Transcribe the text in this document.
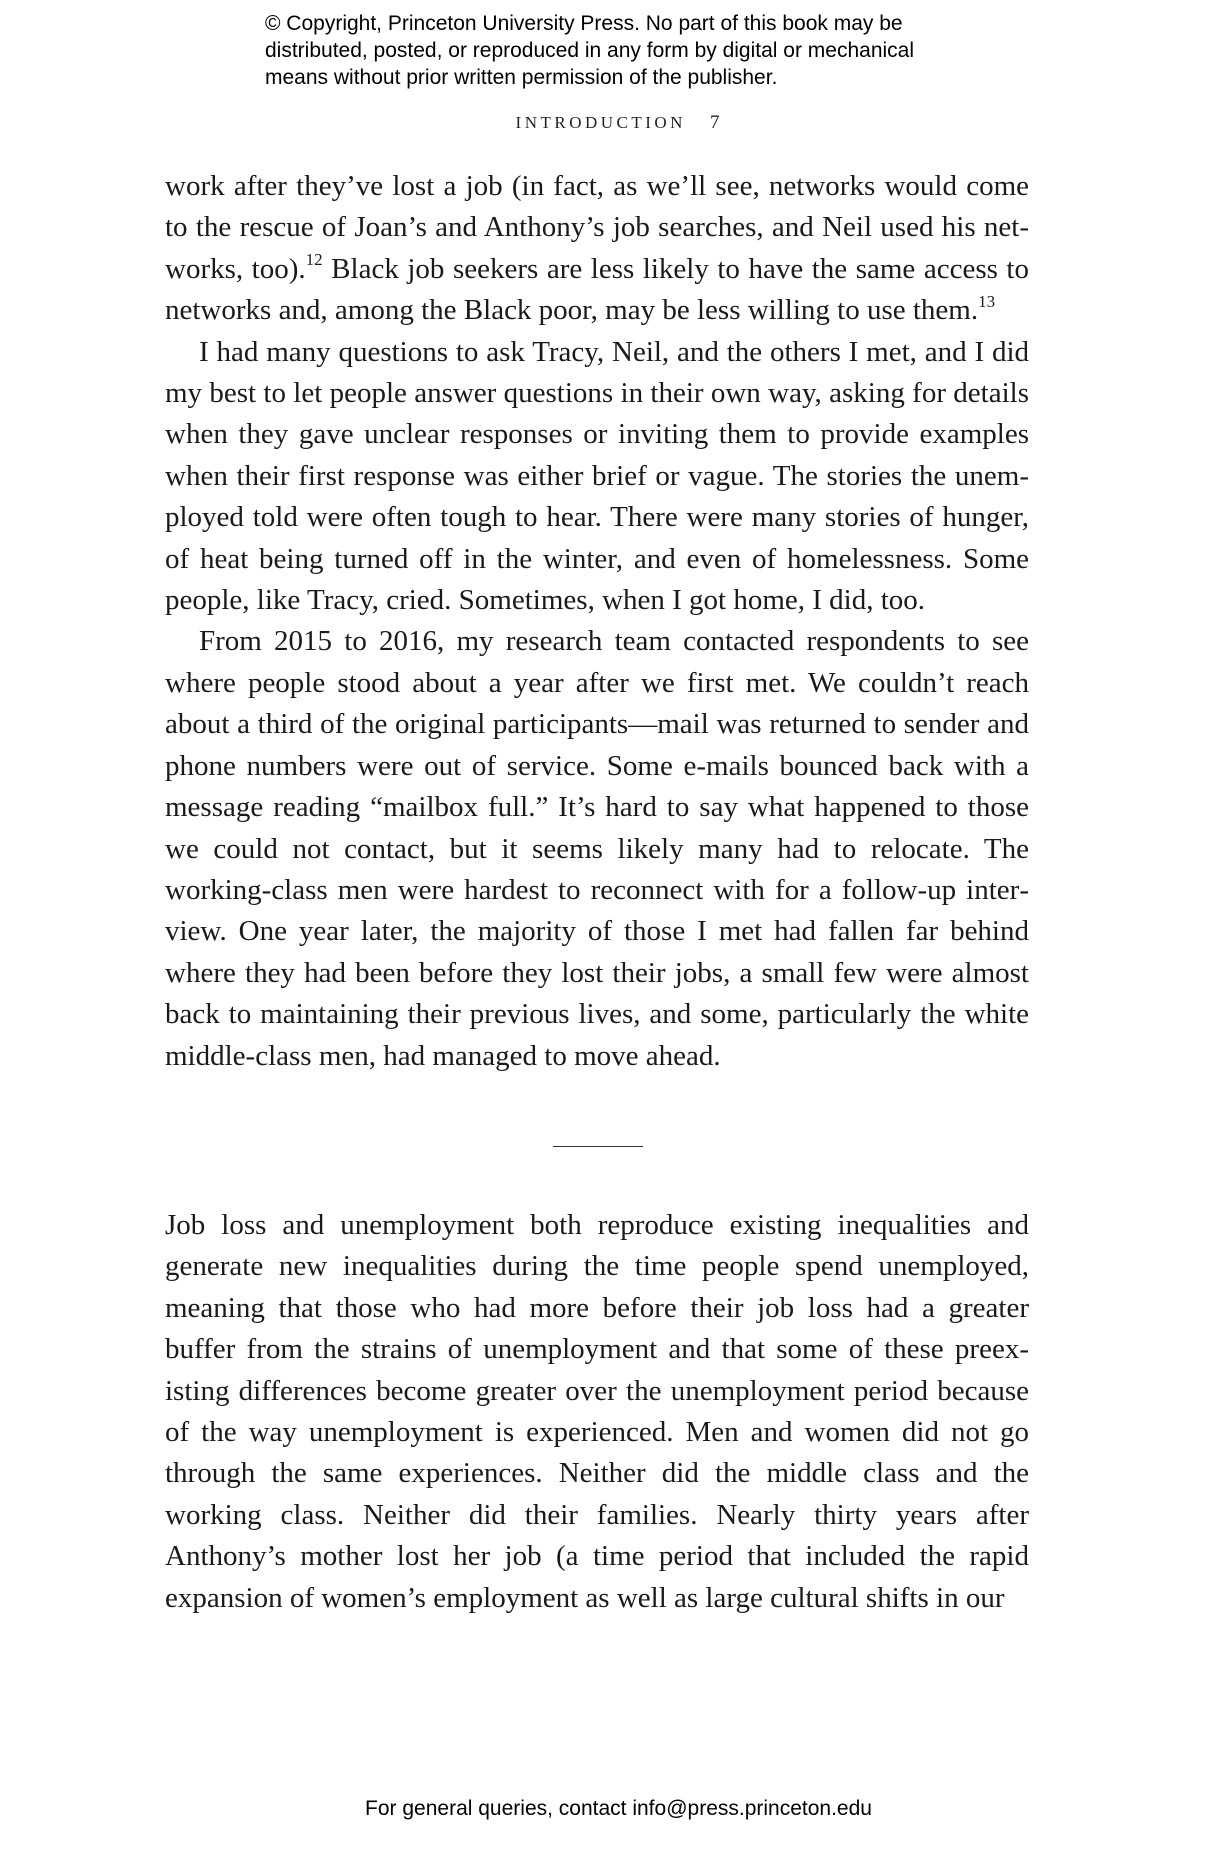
© Copyright, Princeton University Press. No part of this book may be
distributed, posted, or reproduced in any form by digital or mechanical
means without prior written permission of the publisher.
INTRODUCTION 7

work after they’ve lost a job (in fact, as we’ll see, networks would come to the rescue of Joan’s and Anthony’s job searches, and Neil used his networks, too).$^{12}$ Black job seekers are less likely to have the same access to networks and, among the Black poor, may be less willing to use them.$^{13}$

I had many questions to ask Tracy, Neil, and the others I met, and I did my best to let people answer questions in their own way, asking for details when they gave unclear responses or inviting them to provide examples when their first response was either brief or vague. The stories the unemployed told were often tough to hear. There were many stories of hunger, of heat being turned off in the winter, and even of homelessness. Some people, like Tracy, cried. Sometimes, when I got home, I did, too.

From 2015 to 2016, my research team contacted respondents to see where people stood about a year after we first met. We couldn’t reach about a third of the original participants—mail was returned to sender and phone numbers were out of service. Some e-mails bounced back with a message reading “mailbox full.” It’s hard to say what happened to those we could not contact, but it seems likely many had to relocate. The working-class men were hardest to reconnect with for a follow-up interview. One year later, the majority of those I met had fallen far behind where they had been before they lost their jobs, a small few were almost back to maintaining their previous lives, and some, particularly the white middle-class men, had managed to move ahead.

Job loss and unemployment both reproduce existing inequalities and generate new inequalities during the time people spend unemployed, meaning that those who had more before their job loss had a greater buffer from the strains of unemployment and that some of these preexisting differences become greater over the unemployment period because of the way unemployment is experienced. Men and women did not go through the same experiences. Neither did the middle class and the working class. Neither did their families. Nearly thirty years after Anthony’s mother lost her job (a time period that included the rapid expansion of women’s employment as well as large cultural shifts in our

For general queries, contact info@press.princeton.edu
